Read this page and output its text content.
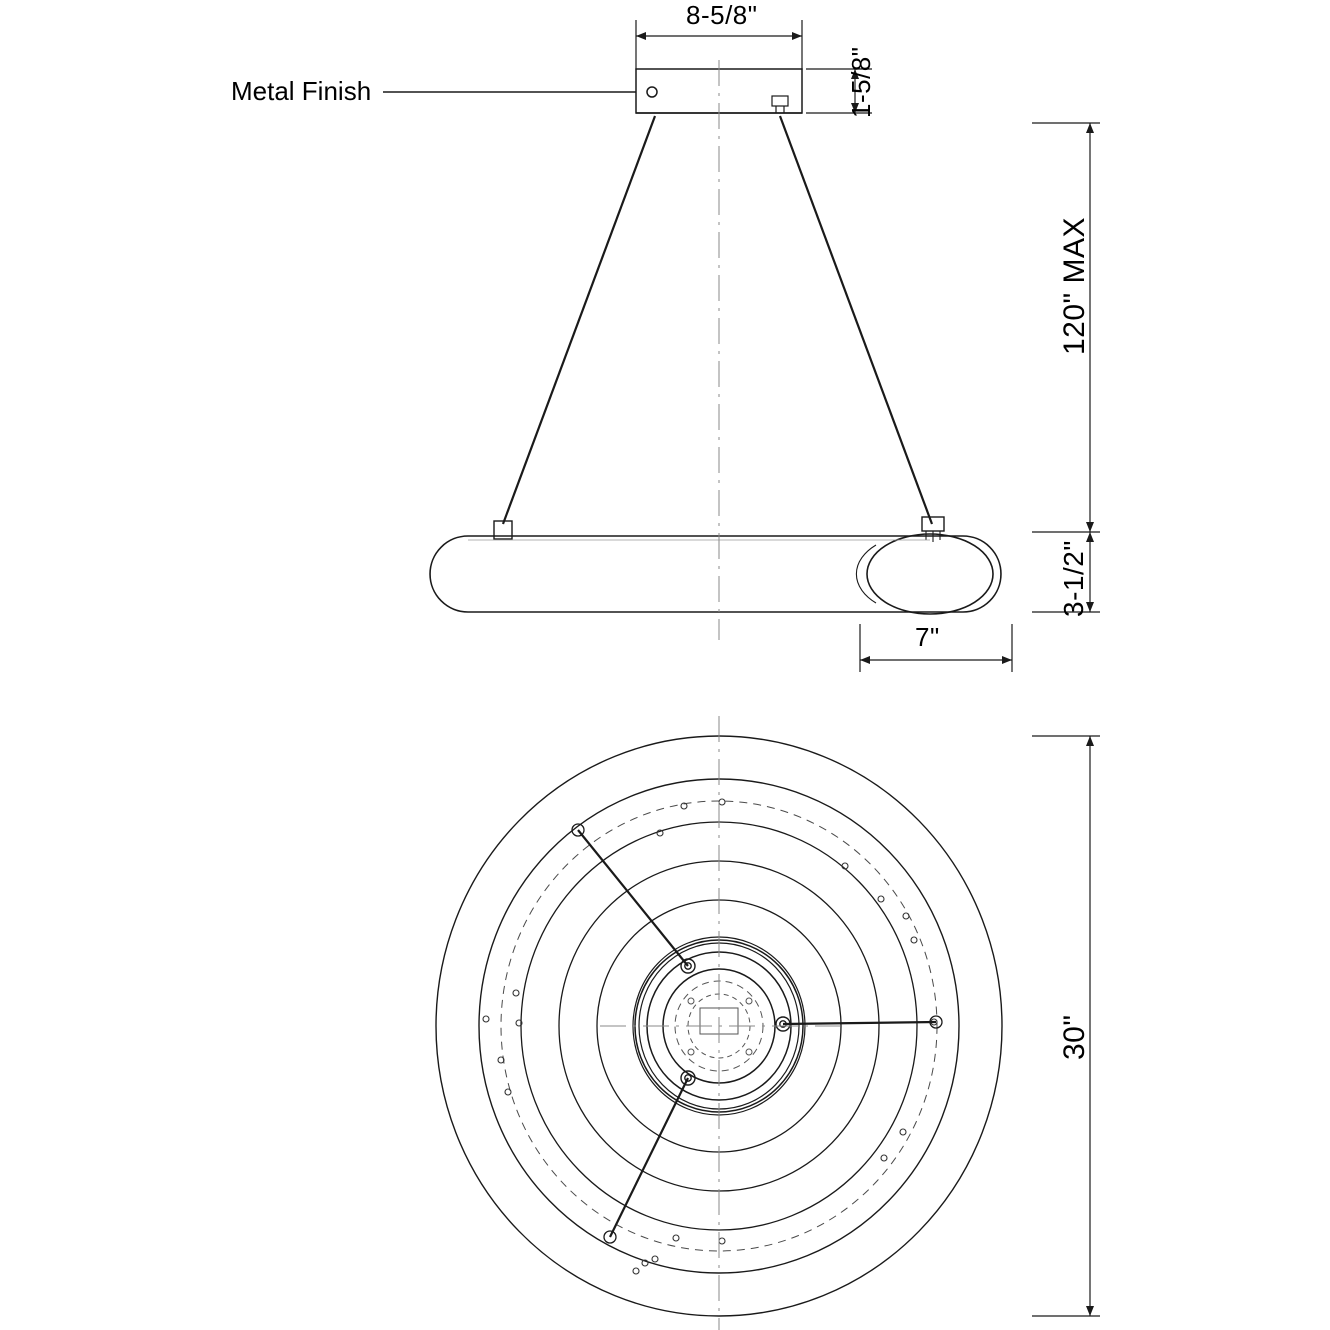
8-5/8"
1-5/8"
120" MAX
3-1/2"
7"
30"
Metal Finish
